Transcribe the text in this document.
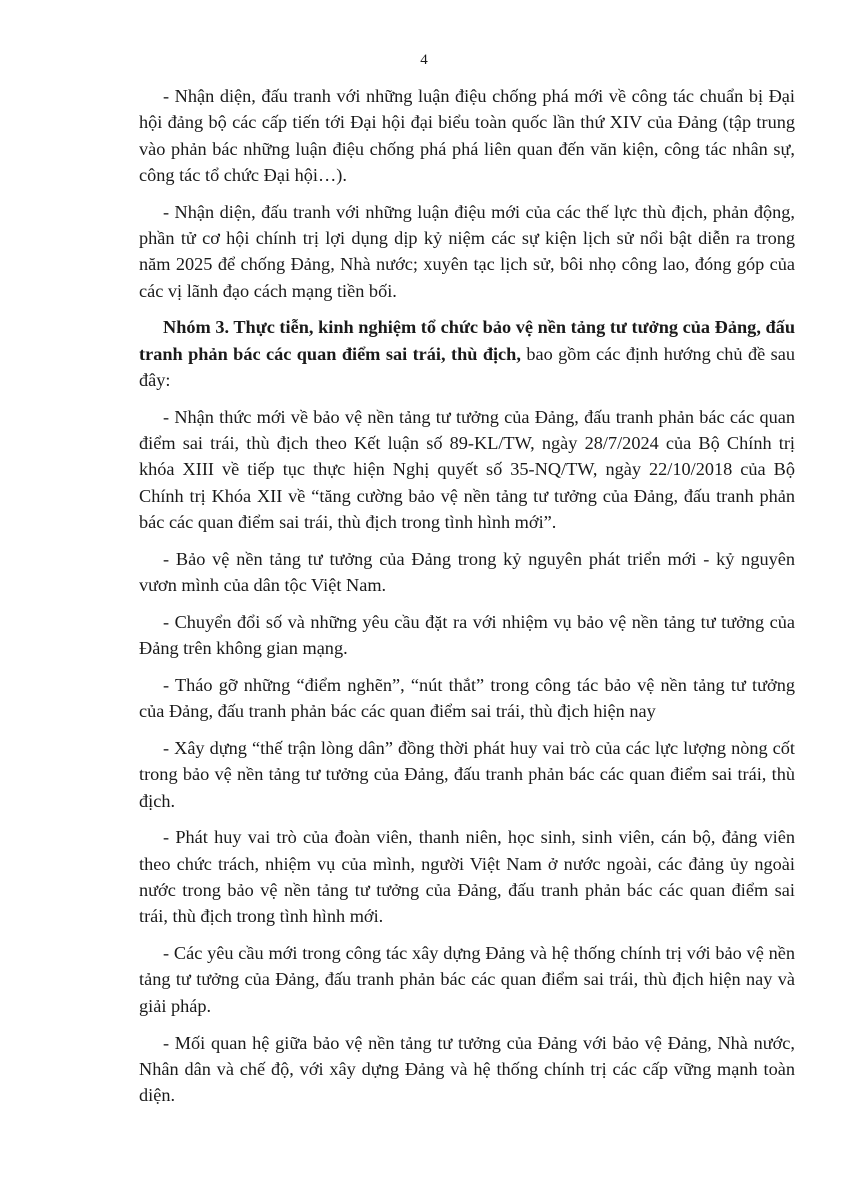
4

- Nhận diện, đấu tranh với những luận điệu chống phá mới về công tác chuẩn bị Đại hội đảng bộ các cấp tiến tới Đại hội đại biểu toàn quốc lần thứ XIV của Đảng (tập trung vào phản bác những luận điệu chống phá phá liên quan đến văn kiện, công tác nhân sự, công tác tổ chức Đại hội…).

- Nhận diện, đấu tranh với những luận điệu mới của các thế lực thù địch, phản động, phần tử cơ hội chính trị lợi dụng dịp kỷ niệm các sự kiện lịch sử nổi bật diễn ra trong năm 2025 để chống Đảng, Nhà nước; xuyên tạc lịch sử, bôi nhọ công lao, đóng góp của các vị lãnh đạo cách mạng tiền bối.

Nhóm 3. Thực tiễn, kinh nghiệm tổ chức bảo vệ nền tảng tư tưởng của Đảng, đấu tranh phản bác các quan điểm sai trái, thù địch, bao gồm các định hướng chủ đề sau đây:

- Nhận thức mới về bảo vệ nền tảng tư tưởng của Đảng, đấu tranh phản bác các quan điểm sai trái, thù địch theo Kết luận số 89-KL/TW, ngày 28/7/2024 của Bộ Chính trị khóa XIII về tiếp tục thực hiện Nghị quyết số 35-NQ/TW, ngày 22/10/2018 của Bộ Chính trị Khóa XII về “tăng cường bảo vệ nền tảng tư tưởng của Đảng, đấu tranh phản bác các quan điểm sai trái, thù địch trong tình hình mới”.

- Bảo vệ nền tảng tư tưởng của Đảng trong kỷ nguyên phát triển mới - kỷ nguyên vươn mình của dân tộc Việt Nam.

- Chuyển đổi số và những yêu cầu đặt ra với nhiệm vụ bảo vệ nền tảng tư tưởng của Đảng trên không gian mạng.

- Tháo gỡ những “điểm nghẽn”, “nút thắt” trong công tác bảo vệ nền tảng tư tưởng của Đảng, đấu tranh phản bác các quan điểm sai trái, thù địch hiện nay

- Xây dựng “thế trận lòng dân” đồng thời phát huy vai trò của các lực lượng nòng cốt trong bảo vệ nền tảng tư tưởng của Đảng, đấu tranh phản bác các quan điểm sai trái, thù địch.

- Phát huy vai trò của đoàn viên, thanh niên, học sinh, sinh viên, cán bộ, đảng viên theo chức trách, nhiệm vụ của mình, người Việt Nam ở nước ngoài, các đảng ủy ngoài nước trong bảo vệ nền tảng tư tưởng của Đảng, đấu tranh phản bác các quan điểm sai trái, thù địch trong tình hình mới.

- Các yêu cầu mới trong công tác xây dựng Đảng và hệ thống chính trị với bảo vệ nền tảng tư tưởng của Đảng, đấu tranh phản bác các quan điểm sai trái, thù địch hiện nay và giải pháp.

- Mối quan hệ giữa bảo vệ nền tảng tư tưởng của Đảng với bảo vệ Đảng, Nhà nước, Nhân dân và chế độ, với xây dựng Đảng và hệ thống chính trị các cấp vững mạnh toàn diện.
